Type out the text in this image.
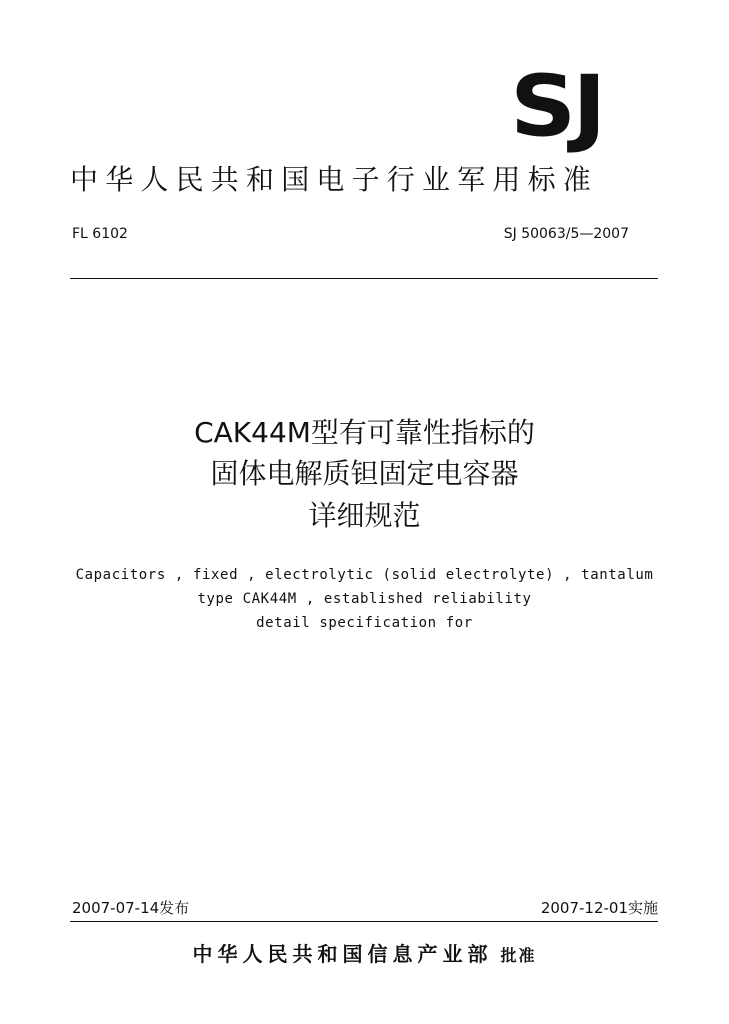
SJ
中华人民共和国电子行业军用标准
FL 6102	SJ 50063/5—2007
CAK44M型有可靠性指标的
固体电解质钽固定电容器
详细规范
Capacitors , fixed , electrolytic (solid electrolyte) , tantalum
type CAK44M , established reliability
detail specification for
2007-07-14发布	2007-12-01实施
中华人民共和国信息产业部 批准
